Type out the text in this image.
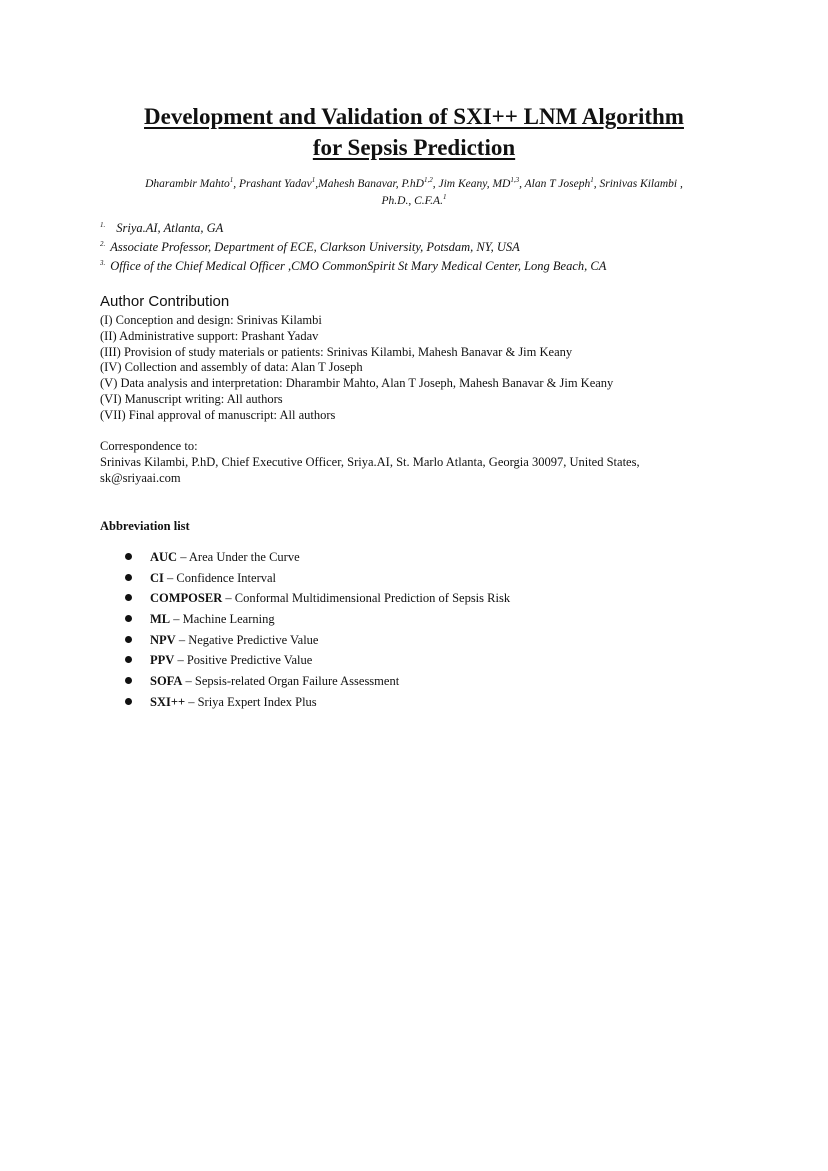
Development and Validation of SXI++ LNM Algorithm
for Sepsis Prediction
Dharambir Mahto$^1$, Prashant Yadav$^1$,Mahesh Banavar, P.hD$^{1,2}$, Jim Keany, MD$^{1,3}$, Alan T Joseph$^1$, Srinivas Kilambi ,
Ph.D., C.F.A.$^1$
$^{1.}$ Sriya.AI, Atlanta, GA
$^{2.}$ Associate Professor, Department of ECE, Clarkson University, Potsdam, NY, USA
$^{3.}$ Office of the Chief Medical Officer ,CMO CommonSpirit St Mary Medical Center, Long Beach, CA
Author Contribution
(I) Conception and design: Srinivas Kilambi
(II) Administrative support: Prashant Yadav
(III) Provision of study materials or patients: Srinivas Kilambi, Mahesh Banavar & Jim Keany
(IV) Collection and assembly of data: Alan T Joseph
(V) Data analysis and interpretation: Dharambir Mahto, Alan T Joseph, Mahesh Banavar & Jim Keany
(VI) Manuscript writing: All authors
(VII) Final approval of manuscript: All authors
Correspondence to:
Srinivas Kilambi, P.hD, Chief Executive Officer, Sriya.AI, St. Marlo Atlanta, Georgia 30097, United States,
sk@sriyaai.com
Abbreviation list
AUC – Area Under the Curve
CI – Confidence Interval
COMPOSER – Conformal Multidimensional Prediction of Sepsis Risk
ML – Machine Learning
NPV – Negative Predictive Value
PPV – Positive Predictive Value
SOFA – Sepsis-related Organ Failure Assessment
SXI++ – Sriya Expert Index Plus
